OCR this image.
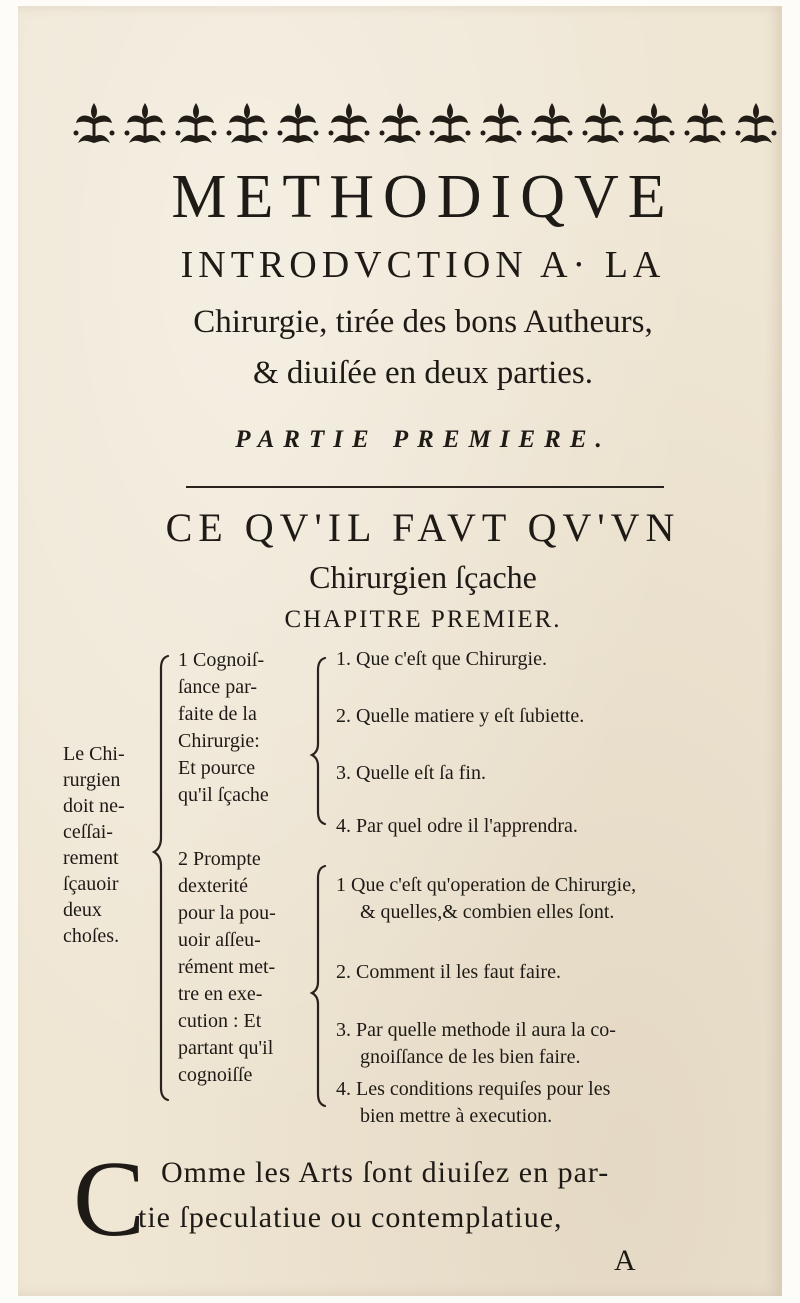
METHODIQVE
INTRODVCTION A· LA
Chirurgie, tirée des bons Autheurs,
& diuiſée en deux parties.
PARTIE PREMIERE.
CE QV'IL FAVT QV'VN
Chirurgien ſçache
CHAPITRE PREMIER.
Le Chi-
rurgien
doit ne-
ceſſai-
rement
ſçauoir
deux
choſes.
1 Cognoiſ-
ſance par-
faite de la
Chirurgie:
Et pource
qu'il ſçache
2 Prompte
dexterité
pour la pou-
uoir aſſeu-
rément met-
tre en exe-
cution : Et
partant qu'il
cognoiſſe
1. Que c'eſt que Chirurgie.
2. Quelle matiere y eſt ſubiette.
3. Quelle eſt ſa fin.
4. Par quel odre il l'apprendra.
1 Que c'eſt qu'operation de Chirurgie,
& quelles,& combien elles ſont.
2. Comment il les faut faire.
3. Par quelle methode il aura la co-
gnoiſſance de les bien faire.
4. Les conditions requiſes pour les
bien mettre à execution.
C Omme les Arts ſont diuiſez en par-
tie ſpeculatiue ou contemplatiue,
A
